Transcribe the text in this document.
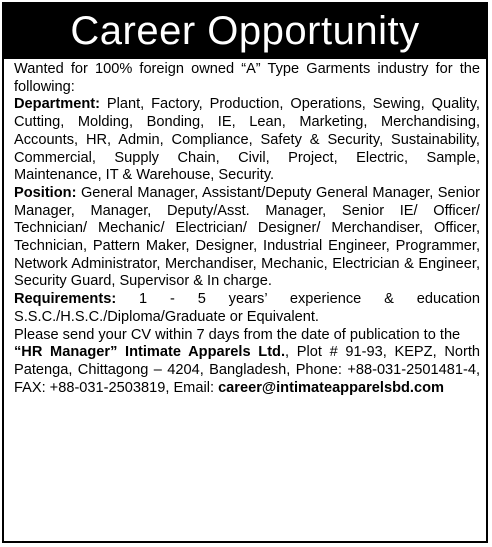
Career Opportunity

Wanted for 100% foreign owned “A” Type Garments industry for the following:

Department: Plant, Factory, Production, Operations, Sewing, Quality, Cutting, Molding, Bonding, IE, Lean, Marketing, Merchandising, Accounts, HR, Admin, Compliance, Safety & Security, Sustainability, Commercial, Supply Chain, Civil, Project, Electric, Sample, Maintenance, IT & Warehouse, Security.

Position: General Manager, Assistant/Deputy General Manager, Senior Manager, Manager, Deputy/Asst. Manager, Senior IE/ Officer/ Technician/ Mechanic/ Electrician/ Designer/ Merchandiser, Officer, Technician, Pattern Maker, Designer, Industrial Engineer, Programmer, Network Administrator, Merchandiser, Mechanic, Electrician & Engineer, Security Guard, Supervisor & In charge.

Requirements: 1 - 5 years’ experience & education S.S.C./H.S.C./Diploma/Graduate or Equivalent.

Please send your CV within 7 days from the date of publication to the

“HR Manager” Intimate Apparels Ltd., Plot # 91-93, KEPZ, North Patenga, Chittagong – 4204, Bangladesh, Phone: +88-031-2501481-4, FAX: +88-031-2503819, Email: career@intimateapparelsbd.com
